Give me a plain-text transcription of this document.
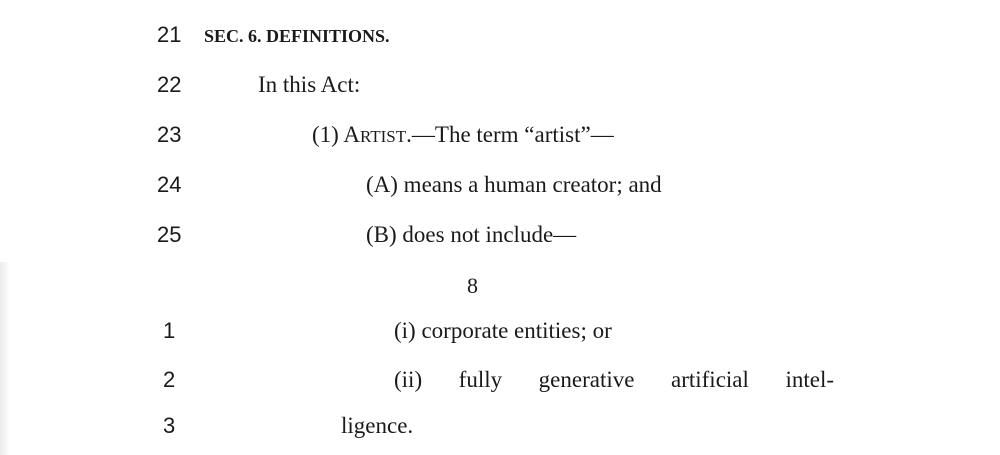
21 SEC. 6. DEFINITIONS.
22	In this Act:
23	(1) ARTIST.—The term “artist”—
24	(A) means a human creator; and
25	(B) does not include—
8
1	(i) corporate entities; or
2	(ii) fully generative artificial intel-
3	ligence.
